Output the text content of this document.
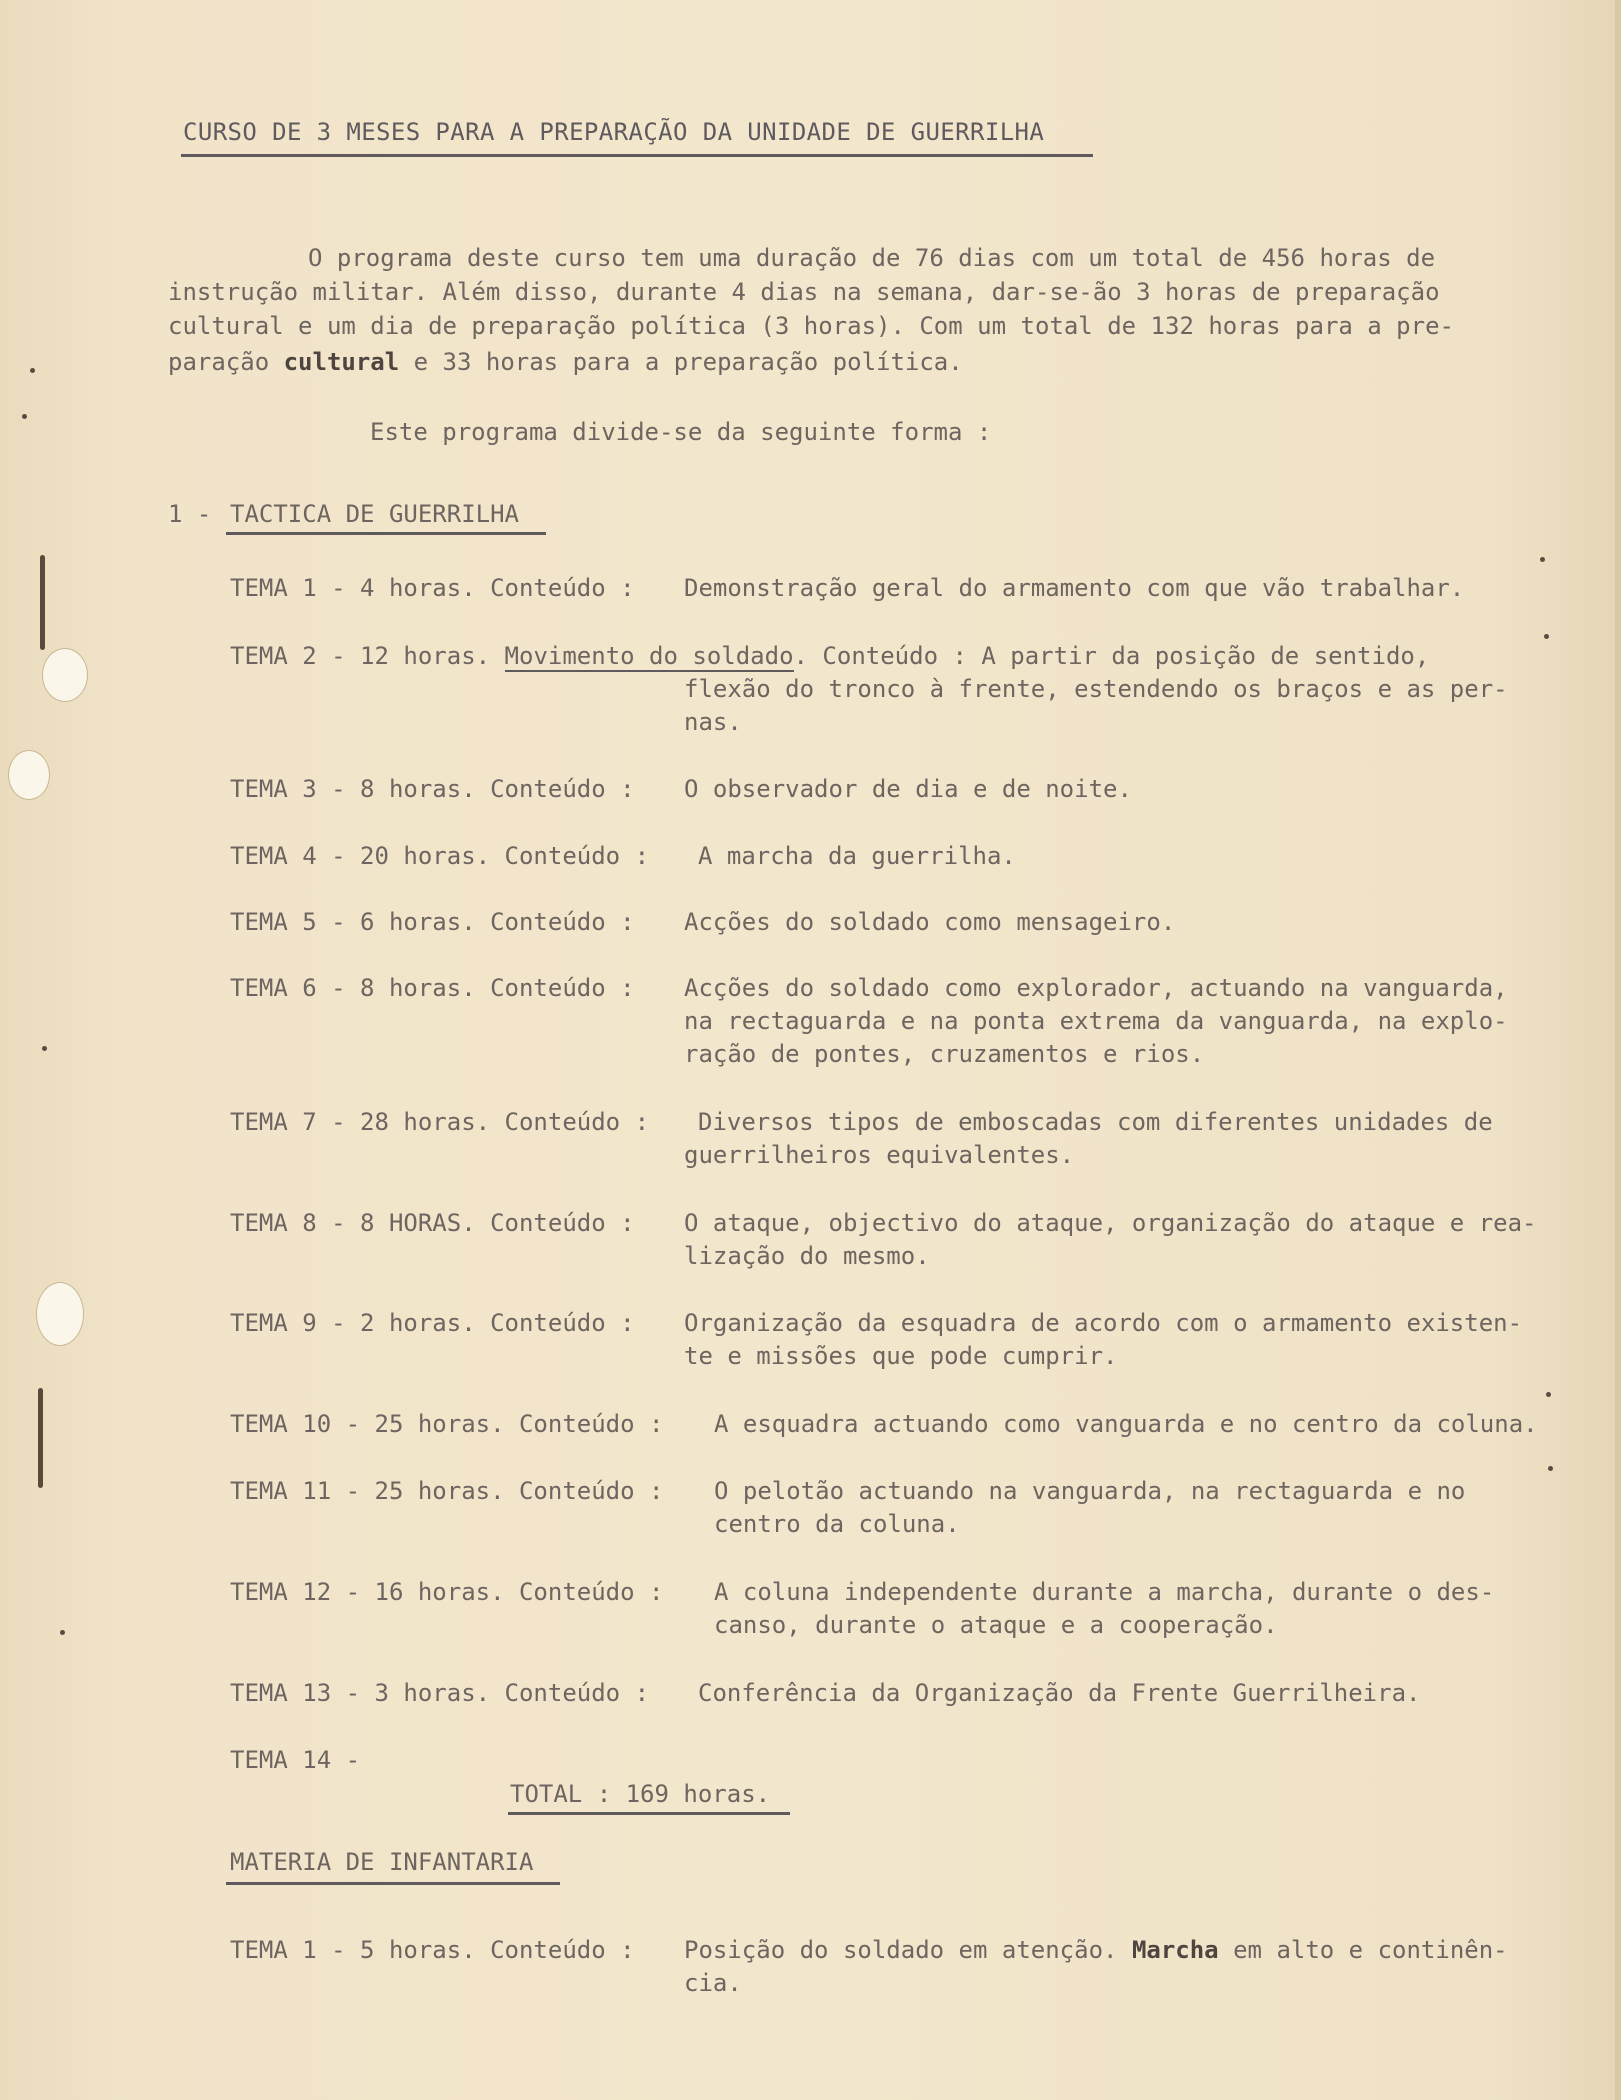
CURSO DE 3 MESES PARA A PREPARAÇÃO DA UNIDADE DE GUERRILHA
O programa deste curso tem uma duração de 76 dias com um total de 456 horas de
instrução militar. Além disso, durante 4 dias na semana, dar-se-ão 3 horas de preparação
cultural e um dia de preparação política (3 horas). Com um total de 132 horas para a pre-
paração cultural e 33 horas para a preparação política.
Este programa divide-se da seguinte forma :
1 - TACTICA DE GUERRILHA
TEMA 1 - 4 horas. Conteúdo : Demonstração geral do armamento com que vão trabalhar.
TEMA 2 - 12 horas. Movimento do soldado. Conteúdo : A partir da posição de sentido,
flexão do tronco à frente, estendendo os braços e as per-
nas.
TEMA 3 - 8 horas. Conteúdo : O observador de dia e de noite.
TEMA 4 - 20 horas. Conteúdo : A marcha da guerrilha.
TEMA 5 - 6 horas. Conteúdo : Acções do soldado como mensageiro.
TEMA 6 - 8 horas. Conteúdo : Acções do soldado como explorador, actuando na vanguarda,
na rectaguarda e na ponta extrema da vanguarda, na explo-
ração de pontes, cruzamentos e rios.
TEMA 7 - 28 horas. Conteúdo : Diversos tipos de emboscadas com diferentes unidades de
guerrilheiros equivalentes.
TEMA 8 - 8 HORAS. Conteúdo : O ataque, objectivo do ataque, organização do ataque e rea-
lização do mesmo.
TEMA 9 - 2 horas. Conteúdo : Organização da esquadra de acordo com o armamento existen-
te e missões que pode cumprir.
TEMA 10 - 25 horas. Conteúdo : A esquadra actuando como vanguarda e no centro da coluna.
TEMA 11 - 25 horas. Conteúdo : O pelotão actuando na vanguarda, na rectaguarda e no
centro da coluna.
TEMA 12 - 16 horas. Conteúdo : A coluna independente durante a marcha, durante o des-
canso, durante o ataque e a cooperação.
TEMA 13 - 3 horas. Conteúdo : Conferência da Organização da Frente Guerrilheira.
TEMA 14 -
TOTAL : 169 horas.
MATERIA DE INFANTARIA
TEMA 1 - 5 horas. Conteúdo : Posição do soldado em atenção. Marcha em alto e continên-
cia.
